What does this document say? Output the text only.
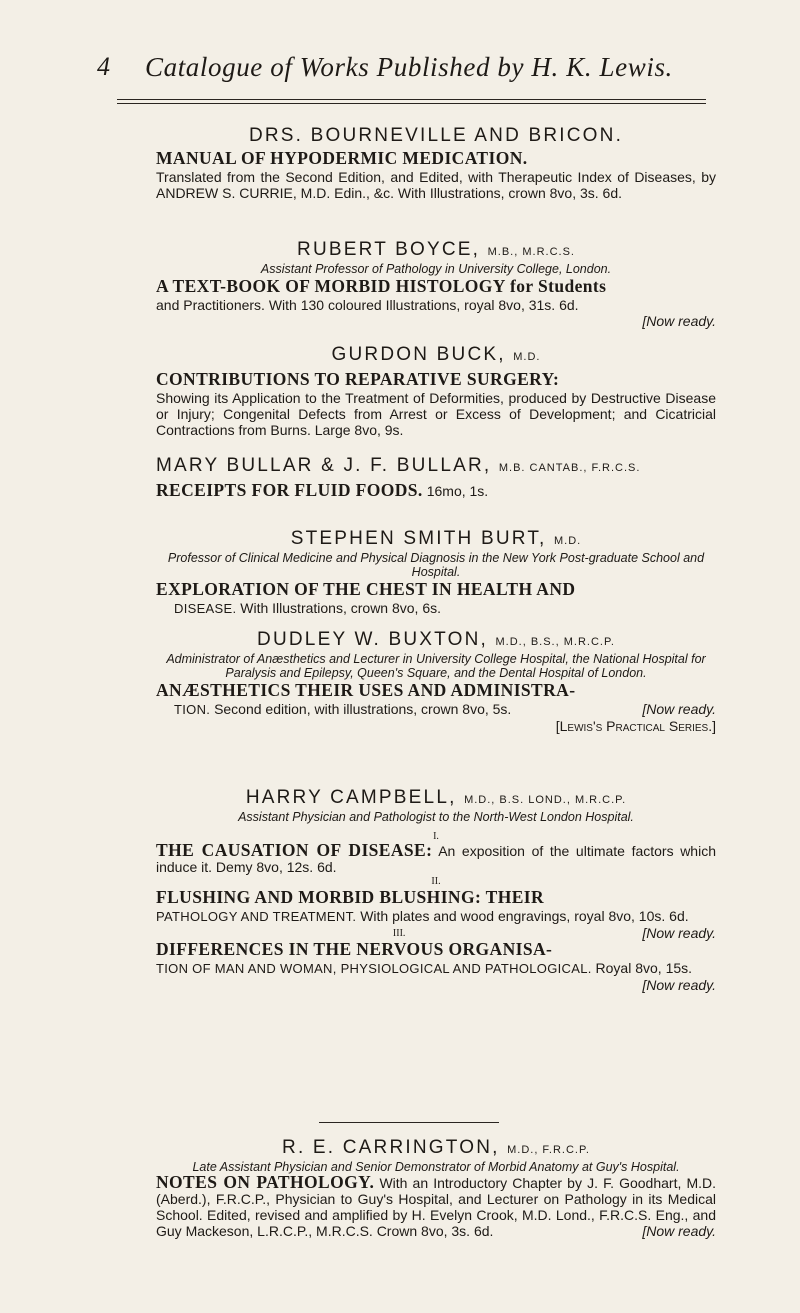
4 Catalogue of Works Published by H. K. Lewis.
DRS. BOURNEVILLE AND BRICON.
MANUAL OF HYPODERMIC MEDICATION.
Translated from the Second Edition, and Edited, with Therapeutic Index of Diseases, by ANDREW S. CURRIE, M.D. Edin., &c. With Illustrations, crown 8vo, 3s. 6d.
RUBERT BOYCE, M.B., M.R.C.S.
Assistant Professor of Pathology in University College, London.
A TEXT-BOOK OF MORBID HISTOLOGY for Students
and Practitioners. With 130 coloured Illustrations, royal 8vo, 31s. 6d.
[Now ready.
GURDON BUCK, M.D.
CONTRIBUTIONS TO REPARATIVE SURGERY:
Showing its Application to the Treatment of Deformities, produced by Destructive Disease or Injury; Congenital Defects from Arrest or Excess of Development; and Cicatricial Contractions from Burns. Large 8vo, 9s.
MARY BULLAR & J. F. BULLAR, M.B. CANTAB., F.R.C.S.
RECEIPTS FOR FLUID FOODS. 16mo, 1s.
STEPHEN SMITH BURT, M.D.
Professor of Clinical Medicine and Physical Diagnosis in the New York Post-graduate School and Hospital.
EXPLORATION OF THE CHEST IN HEALTH AND
DISEASE. With Illustrations, crown 8vo, 6s.
DUDLEY W. BUXTON, M.D., B.S., M.R.C.P.
Administrator of Anæsthetics and Lecturer in University College Hospital, the National Hospital for Paralysis and Epilepsy, Queen's Square, and the Dental Hospital of London.
ANÆSTHETICS THEIR USES AND ADMINISTRA-
TION. Second edition, with illustrations, crown 8vo, 5s.	[Now ready.
[Lewis's Practical Series.]
HARRY CAMPBELL, M.D., B.S. LOND., M.R.C.P.
Assistant Physician and Pathologist to the North-West London Hospital.
I.
THE CAUSATION OF DISEASE: An exposition of the ultimate factors which induce it. Demy 8vo, 12s. 6d.
II.
FLUSHING AND MORBID BLUSHING: THEIR
PATHOLOGY AND TREATMENT. With plates and wood engravings, royal 8vo, 10s. 6d.
[Now ready.
III.
DIFFERENCES IN THE NERVOUS ORGANISA-
TION OF MAN AND WOMAN, PHYSIOLOGICAL AND PATHOLOGICAL. Royal 8vo, 15s.
[Now ready.
R. E. CARRINGTON, M.D., F.R.C.P.
Late Assistant Physician and Senior Demonstrator of Morbid Anatomy at Guy's Hospital.
NOTES ON PATHOLOGY. With an Introductory Chapter by J. F. Goodhart, M.D. (Aberd.), F.R.C.P., Physician to Guy's Hospital, and Lecturer on Pathology in its Medical School. Edited, revised and amplified by H. Evelyn Crook, M.D. Lond., F.R.C.S. Eng., and Guy Mackeson, L.R.C.P., M.R.C.S. Crown 8vo, 3s. 6d.	[Now ready.
